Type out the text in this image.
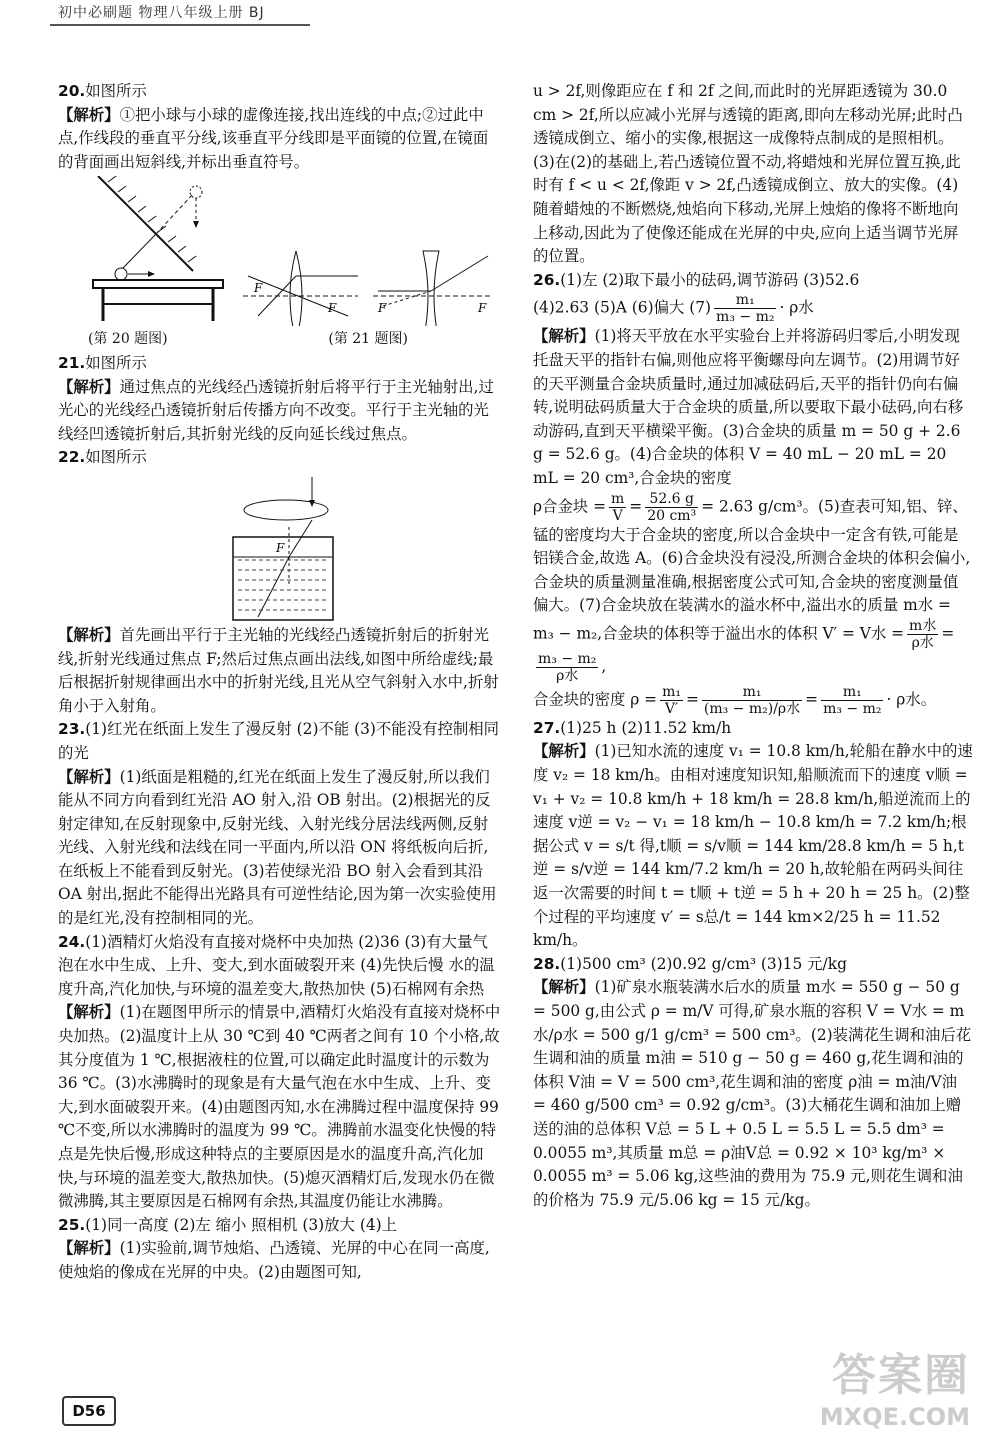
初中必刷题 物理八年级上册 BJ

20.如图所示

【解析】①把小球与小球的虚像连接,找出连线的中点;②过此中点,作线段的垂直平分线,该垂直平分线即是平面镜的位置,在镜面的背面画出短斜线,并标出垂直符号。

F
F	F	F
(第 20 题图)	(第 21 题图)

21.如图所示

【解析】通过焦点的光线经凸透镜折射后将平行于主光轴射出,过光心的光线经凸透镜折射后传播方向不改变。平行于主光轴的光线经凹透镜折射后,其折射光线的反向延长线过焦点。

22.如图所示

F

【解析】首先画出平行于主光轴的光线经凸透镜折射后的折射光线,折射光线通过焦点 F;然后过焦点画出法线,如图中所给虚线;最后根据折射规律画出水中的折射光线,且光从空气斜射入水中,折射角小于入射角。

23.(1)红光在纸面上发生了漫反射 (2)不能 (3)不能没有控制相同的光

【解析】(1)纸面是粗糙的,红光在纸面上发生了漫反射,所以我们能从不同方向看到红光沿 AO 射入,沿 OB 射出。(2)根据光的反射定律知,在反射现象中,反射光线、入射光线分居法线两侧,反射光线、入射光线和法线在同一平面内,所以沿 ON 将纸板向后折,在纸板上不能看到反射光。(3)若使绿光沿 BO 射入会看到其沿 OA 射出,据此不能得出光路具有可逆性结论,因为第一次实验使用的是红光,没有控制相同的光。

24.(1)酒精灯火焰没有直接对烧杯中央加热 (2)36 (3)有大量气泡在水中生成、上升、变大,到水面破裂开来 (4)先快后慢 水的温度升高,汽化加快,与环境的温差变大,散热加快 (5)石棉网有余热

【解析】(1)在题图甲所示的情景中,酒精灯火焰没有直接对烧杯中央加热。(2)温度计上从 30 ℃到 40 ℃两者之间有 10 个小格,故其分度值为 1 ℃,根据液柱的位置,可以确定此时温度计的示数为 36 ℃。(3)水沸腾时的现象是有大量气泡在水中生成、上升、变大,到水面破裂开来。(4)由题图丙知,水在沸腾过程中温度保持 99 ℃不变,所以水沸腾时的温度为 99 ℃。沸腾前水温变化快慢的特点是先快后慢,形成这种特点的主要原因是水的温度升高,汽化加快,与环境的温差变大,散热加快。(5)熄灭酒精灯后,发现水仍在微微沸腾,其主要原因是石棉网有余热,其温度仍能让水沸腾。

25.(1)同一高度 (2)左 缩小 照相机 (3)放大 (4)上

【解析】(1)实验前,调节烛焰、凸透镜、光屏的中心在同一高度,使烛焰的像成在光屏的中央。(2)由题图可知,

u > 2f,则像距应在 f 和 2f 之间,而此时的光屏距透镜为 30.0 cm > 2f,所以应减小光屏与透镜的距离,即向左移动光屏;此时凸透镜成倒立、缩小的实像,根据这一成像特点制成的是照相机。(3)在(2)的基础上,若凸透镜位置不动,将蜡烛和光屏位置互换,此时有 f < u < 2f,像距 v > 2f,凸透镜成倒立、放大的实像。(4)随着蜡烛的不断燃烧,烛焰向下移动,光屏上烛焰的像将不断地向上移动,因此为了使像还能成在光屏的中央,应向上适当调节光屏的位置。

26.(1)左 (2)取下最小的砝码,调节游码 (3)52.6

(4)2.63 (5)A (6)偏大 $(7) \frac{\text{m₁}}{\text{m₃ − m₂}} \cdot \rho$水

【解析】(1)将天平放在水平实验台上并将游码归零后,小明发现托盘天平的指针右偏,则他应将平衡螺母向左调节。(2)用调节好的天平测量合金块质量时,通过加减砝码后,天平的指针仍向右偏转,说明砝码质量大于合金块的质量,所以要取下最小砝码,向右移动游码,直到天平横梁平衡。(3)合金块的质量 m = 50 g + 2.6 g = 52.6 g。(4)合金块的体积 V = 40 mL − 20 mL = 20 mL = 20 cm³,合金块的密度

ρ合金块 = $\frac{m}{V} = \frac{52.6 g}{\text{20 cm³}} = 2.63$ g/cm³。(5)查表可知,铝、锌、锰的密度均大于合金块的密度,所以合金块中一定含有铁,可能是铝镁合金,故选 A。(6)合金块没有浸没,所测合金块的体积会偏小,合金块的质量测量准确,根据密度公式可知,合金块的密度测量值偏大。(7)合金块放在装满水的溢水杯中,溢出水的质量 m水 = m₃ − m₂,合金块的体积等于溢出水的体积 V′ = V水 = $\frac{\text{m水}}{\text{ρ水}}$ =
$\frac{\text{m₃ − m₂}}{\text{ρ水}}$ ,

合金块的密度 $\rho = \frac{\text{m₁}}{V'} = \frac{\text{m₁}}{\text{(m₃ − m₂)/ρ水}} = \frac{\text{m₁}}{\text{m₃ − m₂}} \cdot \rho$水。

27.(1)25 h (2)11.52 km/h

【解析】(1)已知水流的速度 v₁ = 10.8 km/h,轮船在静水中的速度 v₂ = 18 km/h。由相对速度知识知,船顺流而下的速度 v顺 = v₁ + v₂ = 10.8 km/h + 18 km/h = 28.8 km/h,船逆流而上的速度 v逆 = v₂ − v₁ = 18 km/h − 10.8 km/h = 7.2 km/h;根据公式 v = s/t 得,t顺 = s/v顺 = 144 km/28.8 km/h = 5 h,t逆 = s/v逆 = 144 km/7.2 km/h = 20 h,故轮船在两码头间往返一次需要的时间 t = t顺 + t逆 = 5 h + 20 h = 25 h。(2)整个过程的平均速度 v′ = s总/t = 144 km×2/25 h = 11.52 km/h。

28.(1)500 cm³ (2)0.92 g/cm³ (3)15 元/kg

【解析】(1)矿泉水瓶装满水后水的质量 m水 = 550 g − 50 g = 500 g,由公式 ρ = m/V 可得,矿泉水瓶的容积 V = V水 = m水/ρ水 = 500 g/1 g/cm³ = 500 cm³。(2)装满花生调和油后花生调和油的质量 m油 = 510 g − 50 g = 460 g,花生调和油的体积 V油 = V = 500 cm³,花生调和油的密度 ρ油 = m油/V油 = 460 g/500 cm³ = 0.92 g/cm³。(3)大桶花生调和油加上赠送的油的总体积 V总 = 5 L + 0.5 L = 5.5 L = 5.5 dm³ = 0.0055 m³,其质量 m总 = ρ油V总 = 0.92 × 10³ kg/m³ × 0.0055 m³ = 5.06 kg,这些油的费用为 75.9 元,则花生调和油的价格为 75.9 元/5.06 kg = 15 元/kg。

D56
答案圈
MXQE.COM
